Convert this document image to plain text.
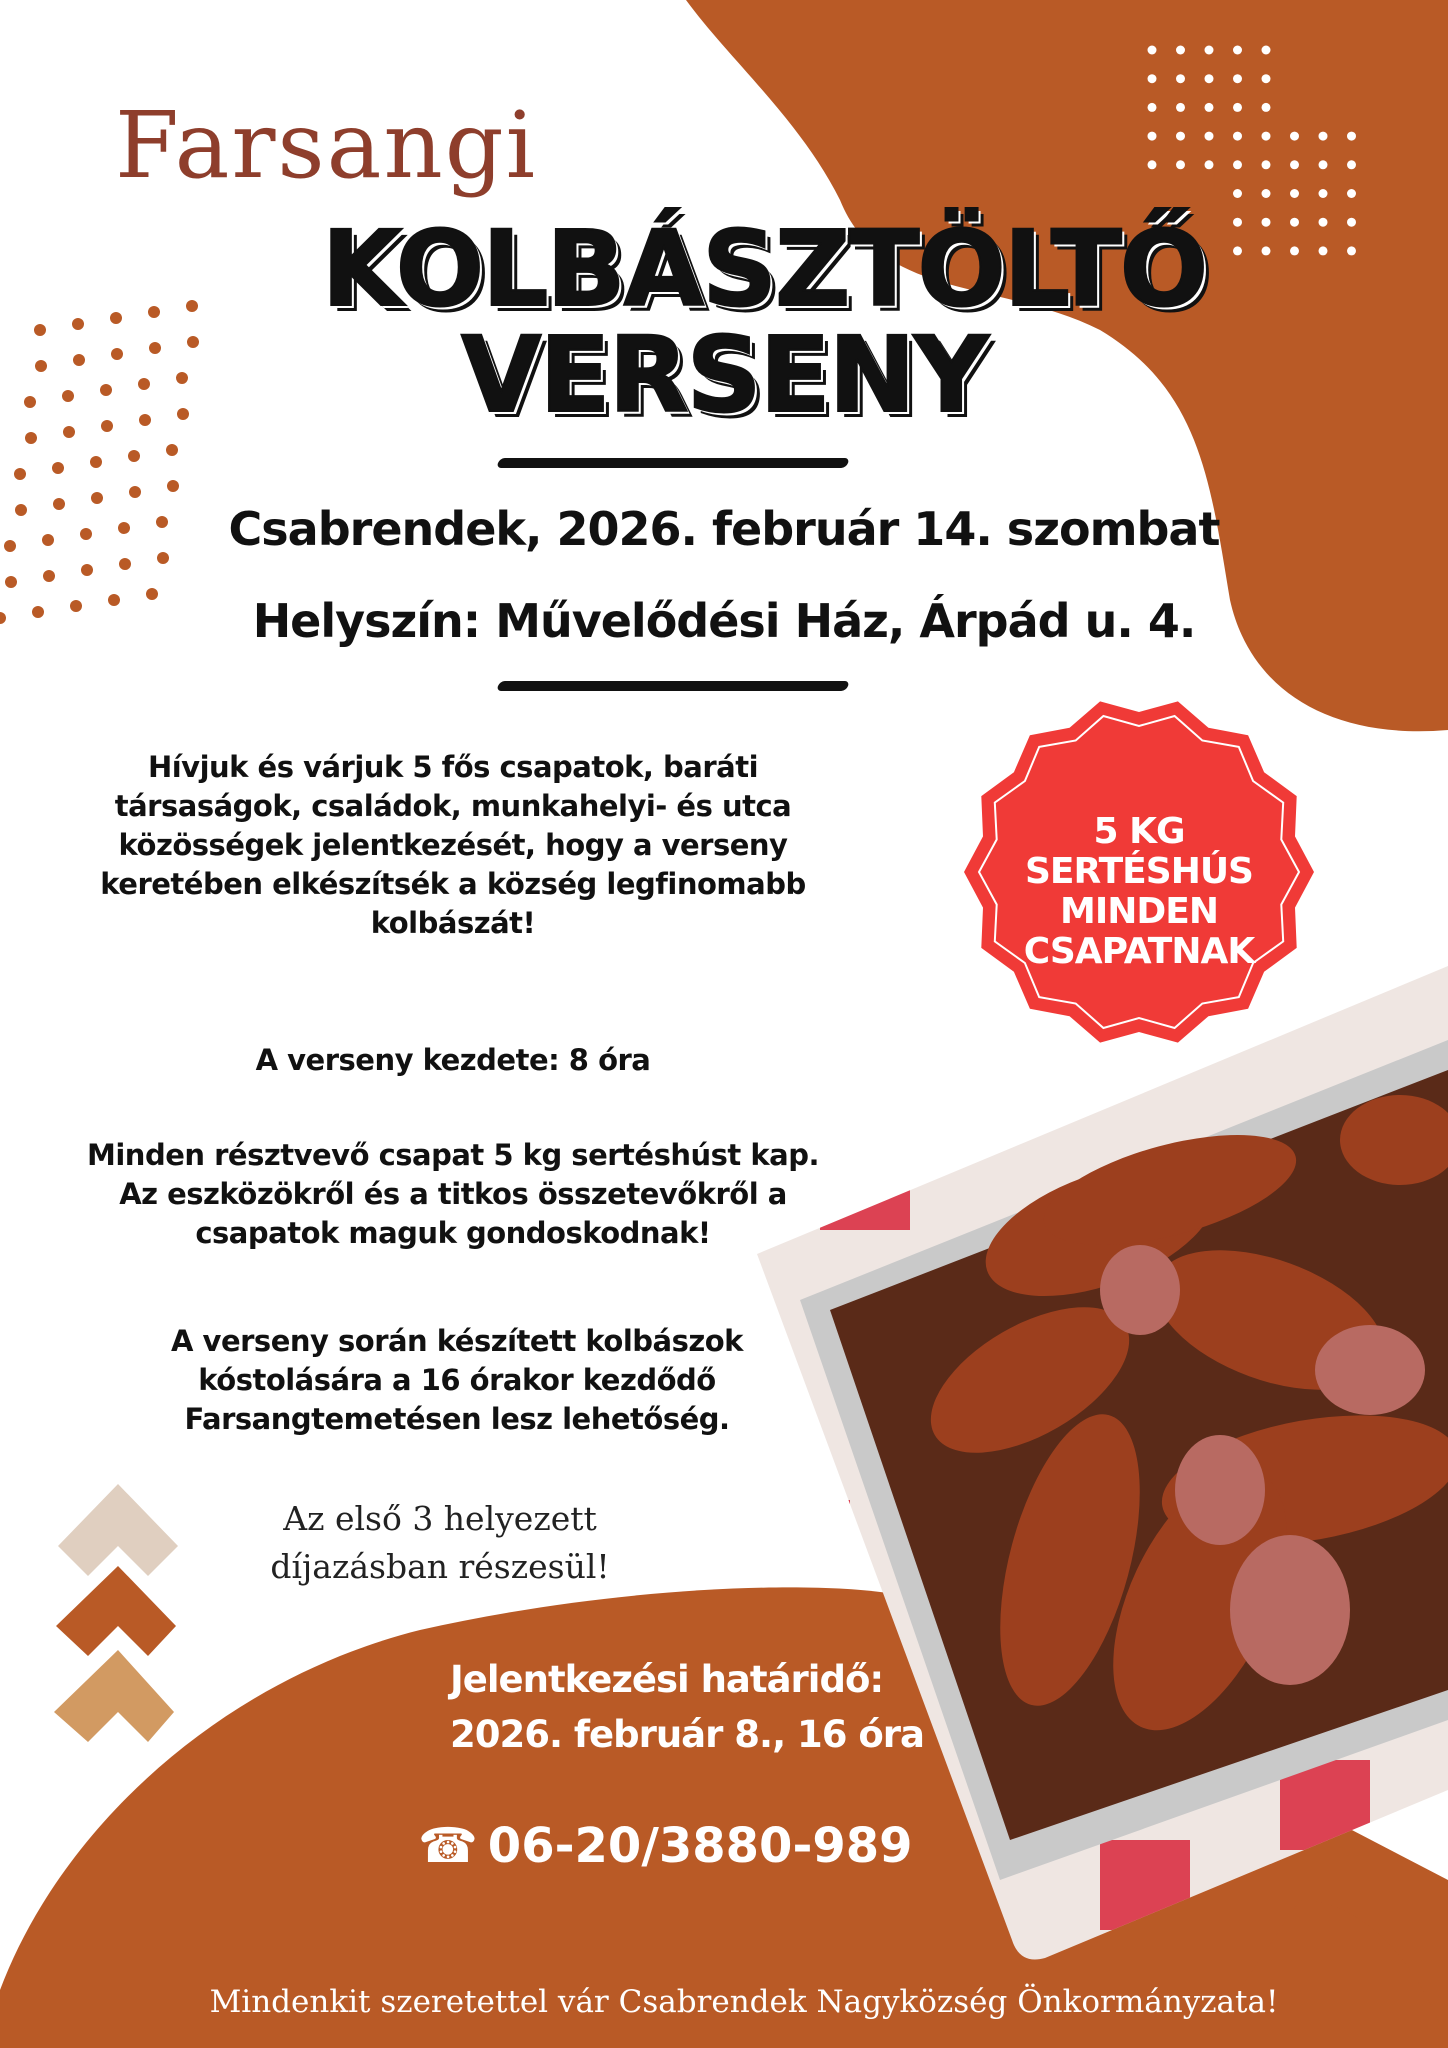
Farsangi
KOLBÁSZTÖLTŐ
VERSENY
Csabrendek, 2026. február 14. szombat
Helyszín: Művelődési Ház, Árpád u. 4.
Hívjuk és várjuk 5 fős csapatok, baráti
társaságok, családok, munkahelyi- és utca
közösségek jelentkezését, hogy a verseny
keretében elkészítsék a község legfinomabb
kolbászát!
A verseny kezdete: 8 óra
Minden résztvevő csapat 5 kg sertéshúst kap.
Az eszközökről és a titkos összetevőkről a
csapatok maguk gondoskodnak!
A verseny során készített kolbászok
kóstolására a 16 órakor kezdődő
Farsangtemetésen lesz lehetőség.
5 KG
SERTÉSHÚS
MINDEN
CSAPATNAK
Az első 3 helyezett
díjazásban részesül!
Jelentkezési határidő:
2026. február 8., 16 óra
☎ 06-20/3880-989
Mindenkit szeretettel vár Csabrendek Nagyközség Önkormányzata!
